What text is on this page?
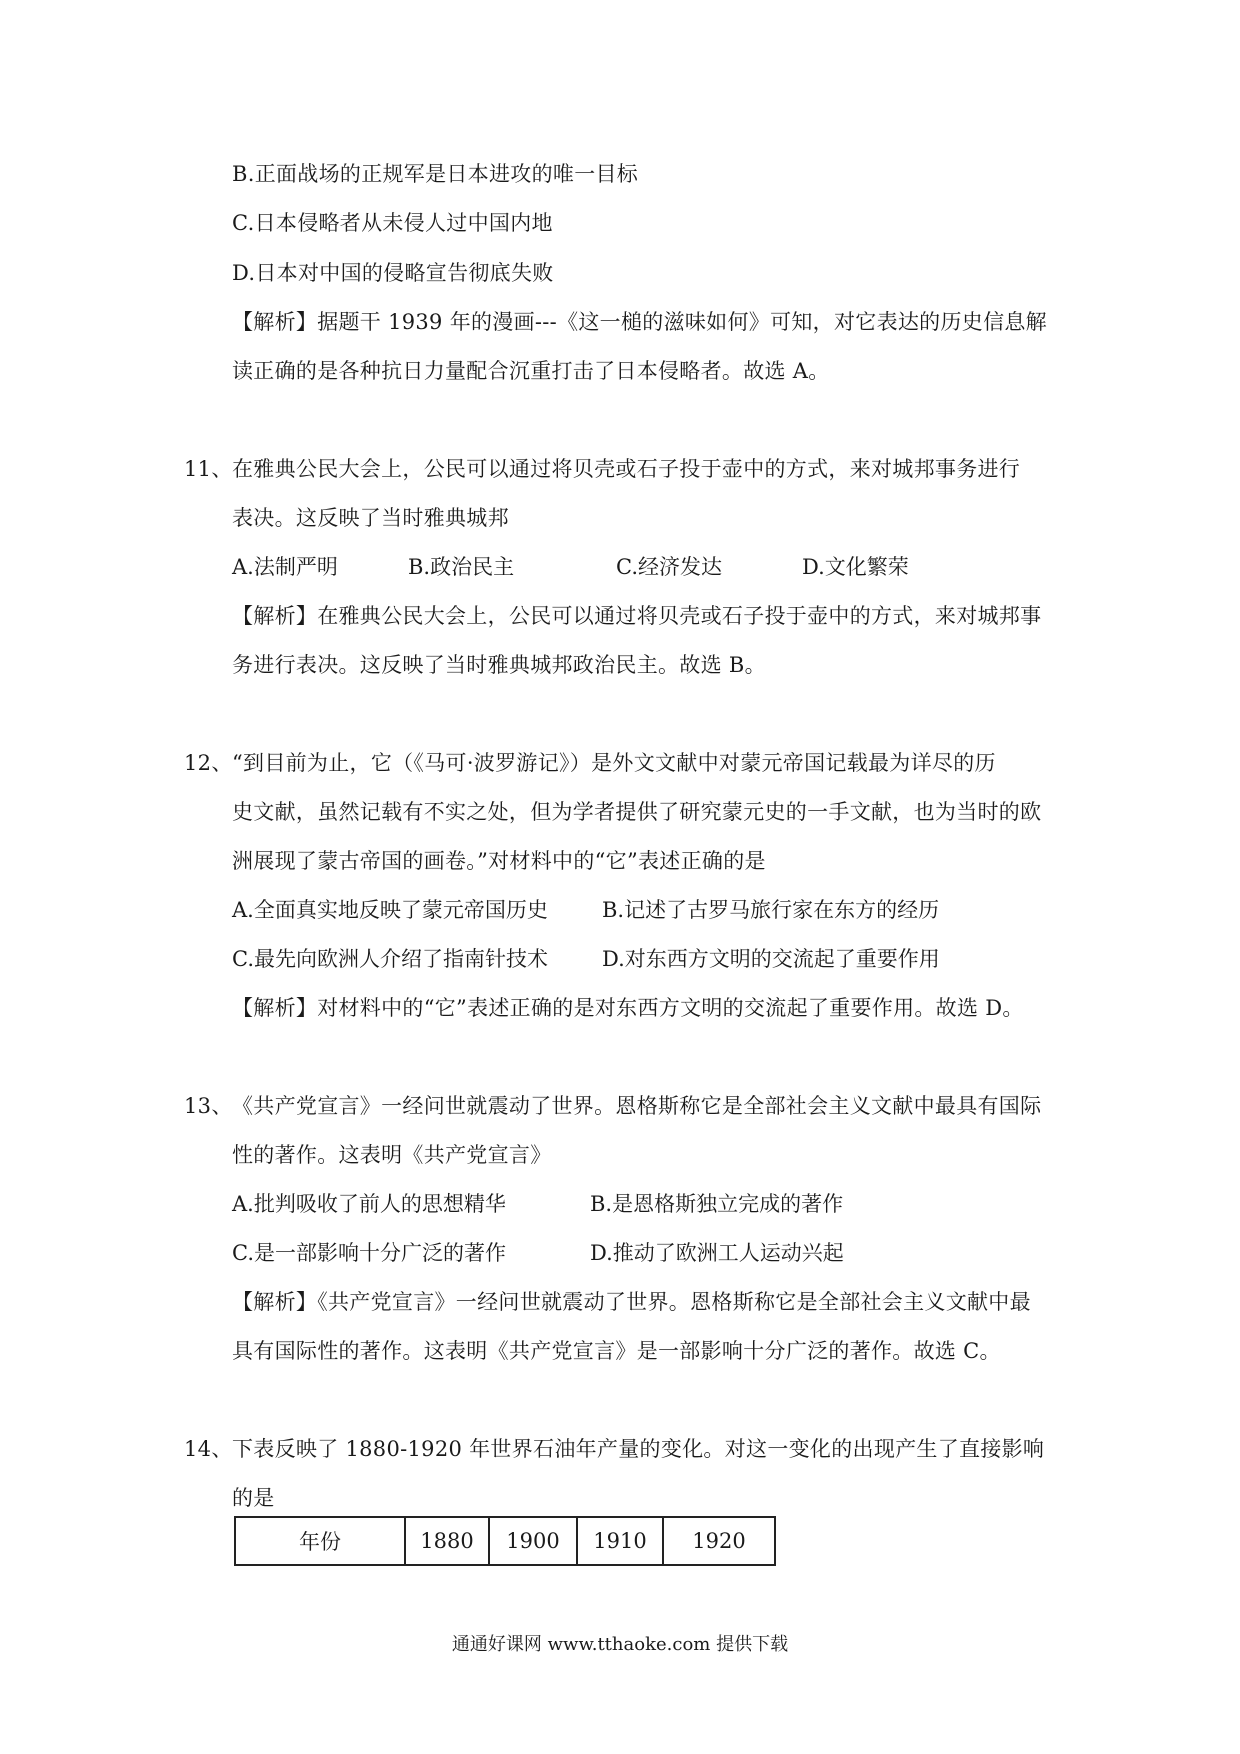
B.正面战场的正规军是日本进攻的唯一目标
C.日本侵略者从未侵人过中国内地
D.日本对中国的侵略宣告彻底失败
【解析】据题干 1939 年的漫画---《这一槌的滋味如何》可知，对它表达的历史信息解
读正确的是各种抗日力量配合沉重打击了日本侵略者。故选 A。
11、 在雅典公民大会上，公民可以通过将贝壳或石子投于壶中的方式，来对城邦事务进行
表决。这反映了当时雅典城邦
A.法制严明	B.政治民主	C.经济发达	D.文化繁荣
【解析】在雅典公民大会上，公民可以通过将贝壳或石子投于壶中的方式，来对城邦事
务进行表决。这反映了当时雅典城邦政治民主。故选 B。
12、 “到目前为止，它（《马可·波罗游记》）是外文文献中对蒙元帝国记载最为详尽的历
史文献，虽然记载有不实之处，但为学者提供了研究蒙元史的一手文献，也为当时的欧
洲展现了蒙古帝国的画卷。”对材料中的“它”表述正确的是
A.全面真实地反映了蒙元帝国历史	B.记述了古罗马旅行家在东方的经历
C.最先向欧洲人介绍了指南针技术	D.对东西方文明的交流起了重要作用
【解析】对材料中的“它”表述正确的是对东西方文明的交流起了重要作用。故选 D。
13、 《共产党宣言》一经问世就震动了世界。恩格斯称它是全部社会主义文献中最具有国际
性的著作。这表明《共产党宣言》
A.批判吸收了前人的思想精华	B.是恩格斯独立完成的著作
C.是一部影响十分广泛的著作	D.推动了欧洲工人运动兴起
【解析】《共产党宣言》一经问世就震动了世界。恩格斯称它是全部社会主义文献中最
具有国际性的著作。这表明《共产党宣言》是一部影响十分广泛的著作。故选 C。
14、 下表反映了 1880-1920 年世界石油年产量的变化。对这一变化的出现产生了直接影响
的是
年份	1880	1900	1910	1920
通通好课网 www.tthaoke.com 提供下载
